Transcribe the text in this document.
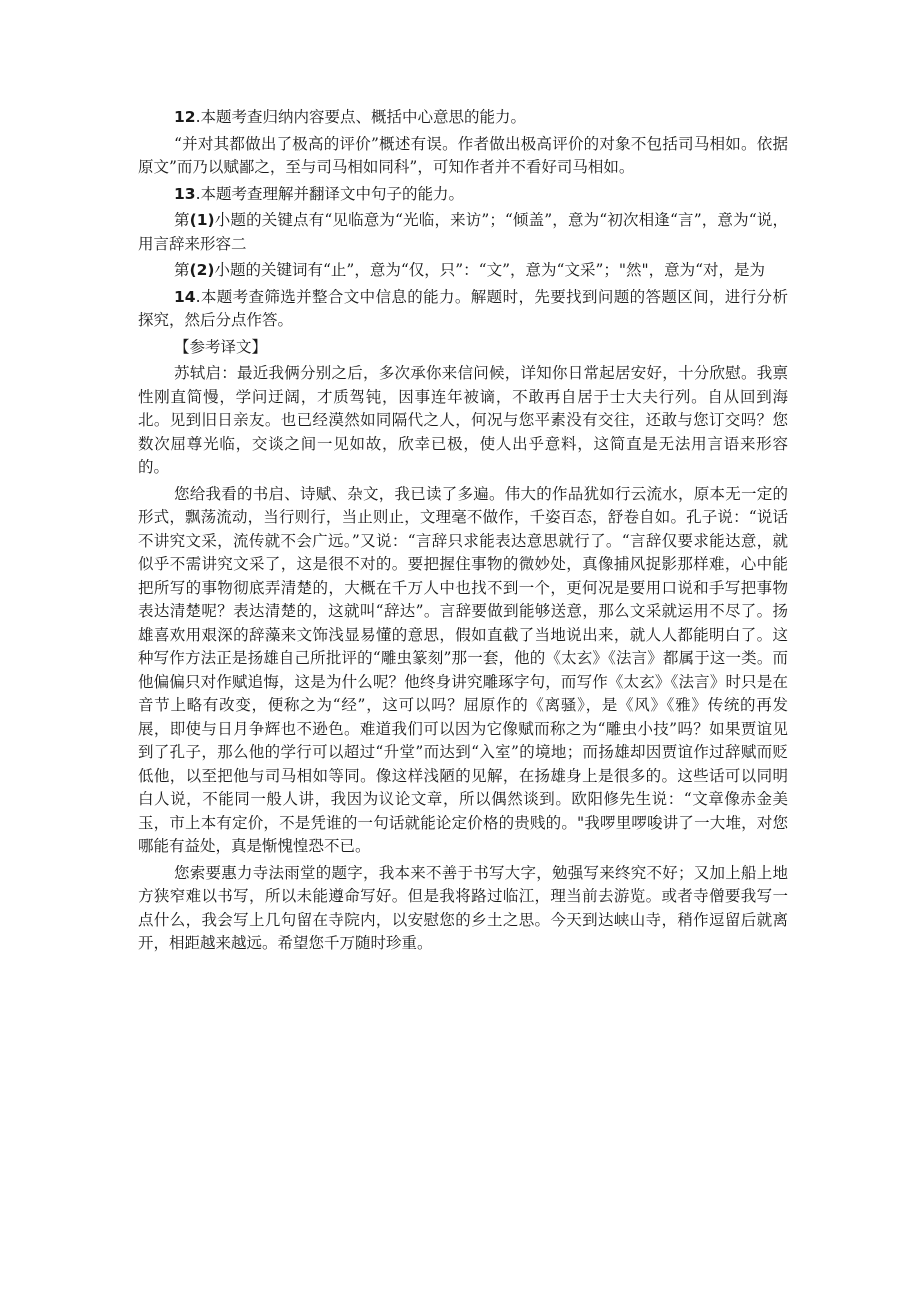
12.本题考查归纳内容要点、概括中心意思的能力。

“并对其都做出了极高的评价”概述有误。作者做出极高评价的对象不包括司马相如。依据原文”而乃以赋鄙之，至与司马相如同科”，可知作者并不看好司马相如。

13.本题考查理解并翻译文中句子的能力。

第(1)小题的关键点有“见临意为“光临，来访”；“倾盖”，意为“初次相逢“言”，意为“说，用言辞来形容二

第(2)小题的关键词有“止”，意为“仅，只”：“文”，意为“文采”；"然"，意为“对，是为

14.本题考查筛选并整合文中信息的能力。解题时，先要找到问题的答题区间，进行分析探究，然后分点作答。

【参考译文】

苏轼启：最近我俩分别之后，多次承你来信问候，详知你日常起居安好，十分欣慰。我禀性刚直简慢，学问迂阔，才质驾钝，因事连年被谪，不敢再自居于士大夫行列。自从回到海北。见到旧日亲友。也已经漠然如同隔代之人，何况与您平素没有交往，还敢与您订交吗？您数次屈尊光临，交谈之间一见如故，欣幸已极，使人出乎意料，这简直是无法用言语来形容的。

您给我看的书启、诗赋、杂文，我已读了多遍。伟大的作品犹如行云流水，原本无一定的形式，飘荡流动，当行则行，当止则止，文理毫不做作，千姿百态，舒卷自如。孔子说：“说话不讲究文采，流传就不会广远。”又说：“言辞只求能表达意思就行了。“言辞仅要求能达意，就似乎不需讲究文采了，这是很不对的。要把握住事物的微妙处，真像捕风捉影那样难，心中能把所写的事物彻底弄清楚的，大概在千万人中也找不到一个，更何况是要用口说和手写把事物表达清楚呢？表达清楚的，这就叫“辞达”。言辞要做到能够送意，那么文采就运用不尽了。扬雄喜欢用艰深的辞藻来文饰浅显易懂的意思，假如直截了当地说出来，就人人都能明白了。这种写作方法正是扬雄自己所批评的“雕虫篆刻”那一套，他的《太玄》《法言》都属于这一类。而他偏偏只对作赋追悔，这是为什么呢？他终身讲究雕琢字句，而写作《太玄》《法言》时只是在音节上略有改变，便称之为“经”，这可以吗？屈原作的《离骚》，是《风》《雅》传统的再发展，即使与日月争辉也不逊色。难道我们可以因为它像赋而称之为“雕虫小技”吗？如果贾谊见到了孔子，那么他的学行可以超过“升堂”而达到“入室”的境地；而扬雄却因贾谊作过辞赋而贬低他，以至把他与司马相如等同。像这样浅陋的见解，在扬雄身上是很多的。这些话可以同明白人说，不能同一般人讲，我因为议论文章，所以偶然谈到。欧阳修先生说：“文章像赤金美玉，市上本有定价，不是凭谁的一句话就能论定价格的贵贱的。"我啰里啰唆讲了一大堆，对您哪能有益处，真是惭愧惶恐不已。

您索要惠力寺法雨堂的题字，我本来不善于书写大字，勉强写来终究不好；又加上船上地方狭窄难以书写，所以未能遵命写好。但是我将路过临江，理当前去游览。或者寺僧要我写一点什么，我会写上几句留在寺院内，以安慰您的乡土之思。今天到达峡山寺，稍作逗留后就离开，相距越来越远。希望您千万随时珍重。
